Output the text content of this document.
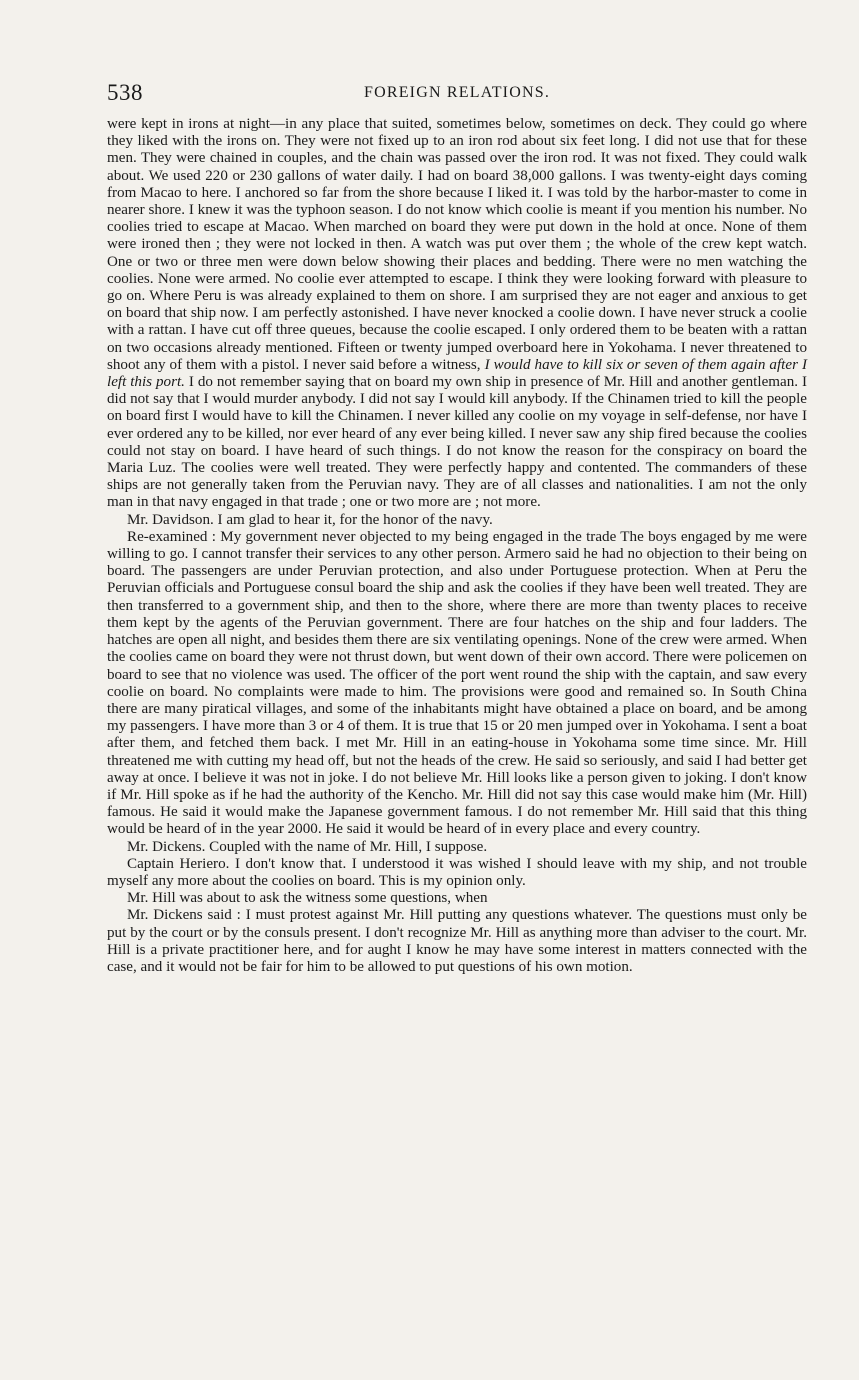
538	FOREIGN RELATIONS.

were kept in irons at night—in any place that suited, sometimes below, sometimes on deck. They could go where they liked with the irons on. They were not fixed up to an iron rod about six feet long. I did not use that for these men. They were chained in couples, and the chain was passed over the iron rod. It was not fixed. They could walk about. We used 220 or 230 gallons of water daily. I had on board 38,000 gallons. I was twenty-eight days coming from Macao to here. I anchored so far from the shore because I liked it. I was told by the harbor-master to come in nearer shore. I knew it was the typhoon season. I do not know which coolie is meant if you mention his number. No coolies tried to escape at Macao. When marched on board they were put down in the hold at once. None of them were ironed then ; they were not locked in then. A watch was put over them ; the whole of the crew kept watch. One or two or three men were down below showing their places and bedding. There were no men watching the coolies. None were armed. No coolie ever attempted to escape. I think they were looking forward with pleasure to go on. Where Peru is was already explained to them on shore. I am surprised they are not eager and anxious to get on board that ship now. I am perfectly astonished. I have never knocked a coolie down. I have never struck a coolie with a rattan. I have cut off three queues, because the coolie escaped. I only ordered them to be beaten with a rattan on two occasions already mentioned. Fifteen or twenty jumped overboard here in Yokohama. I never threatened to shoot any of them with a pistol. I never said before a witness, I would have to kill six or seven of them again after I left this port. I do not remember saying that on board my own ship in presence of Mr. Hill and another gentleman. I did not say that I would murder anybody. I did not say I would kill anybody. If the Chinamen tried to kill the people on board first I would have to kill the Chinamen. I never killed any coolie on my voyage in self-defense, nor have I ever ordered any to be killed, nor ever heard of any ever being killed. I never saw any ship fired because the coolies could not stay on board. I have heard of such things. I do not know the reason for the conspiracy on board the Maria Luz. The coolies were well treated. They were perfectly happy and contented. The commanders of these ships are not generally taken from the Peruvian navy. They are of all classes and nationalities. I am not the only man in that navy engaged in that trade ; one or two more are ; not more.

Mr. Davidson. I am glad to hear it, for the honor of the navy.

Re-examined : My government never objected to my being engaged in the trade The boys engaged by me were willing to go. I cannot transfer their services to any other person. Armero said he had no objection to their being on board. The passengers are under Peruvian protection, and also under Portuguese protection. When at Peru the Peruvian officials and Portuguese consul board the ship and ask the coolies if they have been well treated. They are then transferred to a government ship, and then to the shore, where there are more than twenty places to receive them kept by the agents of the Peruvian government. There are four hatches on the ship and four ladders. The hatches are open all night, and besides them there are six ventilating openings. None of the crew were armed. When the coolies came on board they were not thrust down, but went down of their own accord. There were policemen on board to see that no violence was used. The officer of the port went round the ship with the captain, and saw every coolie on board. No complaints were made to him. The provisions were good and remained so. In South China there are many piratical villages, and some of the inhabitants might have obtained a place on board, and be among my passengers. I have more than 3 or 4 of them. It is true that 15 or 20 men jumped over in Yokohama. I sent a boat after them, and fetched them back. I met Mr. Hill in an eating-house in Yokohama some time since. Mr. Hill threatened me with cutting my head off, but not the heads of the crew. He said so seriously, and said I had better get away at once. I believe it was not in joke. I do not believe Mr. Hill looks like a person given to joking. I don't know if Mr. Hill spoke as if he had the authority of the Kencho. Mr. Hill did not say this case would make him (Mr. Hill) famous. He said it would make the Japanese government famous. I do not remember Mr. Hill said that this thing would be heard of in the year 2000. He said it would be heard of in every place and every country.

Mr. Dickens. Coupled with the name of Mr. Hill, I suppose.

Captain Heriero. I don't know that. I understood it was wished I should leave with my ship, and not trouble myself any more about the coolies on board. This is my opinion only.

Mr. Hill was about to ask the witness some questions, when

Mr. Dickens said : I must protest against Mr. Hill putting any questions whatever. The questions must only be put by the court or by the consuls present. I don't recognize Mr. Hill as anything more than adviser to the court. Mr. Hill is a private practitioner here, and for aught I know he may have some interest in matters connected with the case, and it would not be fair for him to be allowed to put questions of his own motion.
